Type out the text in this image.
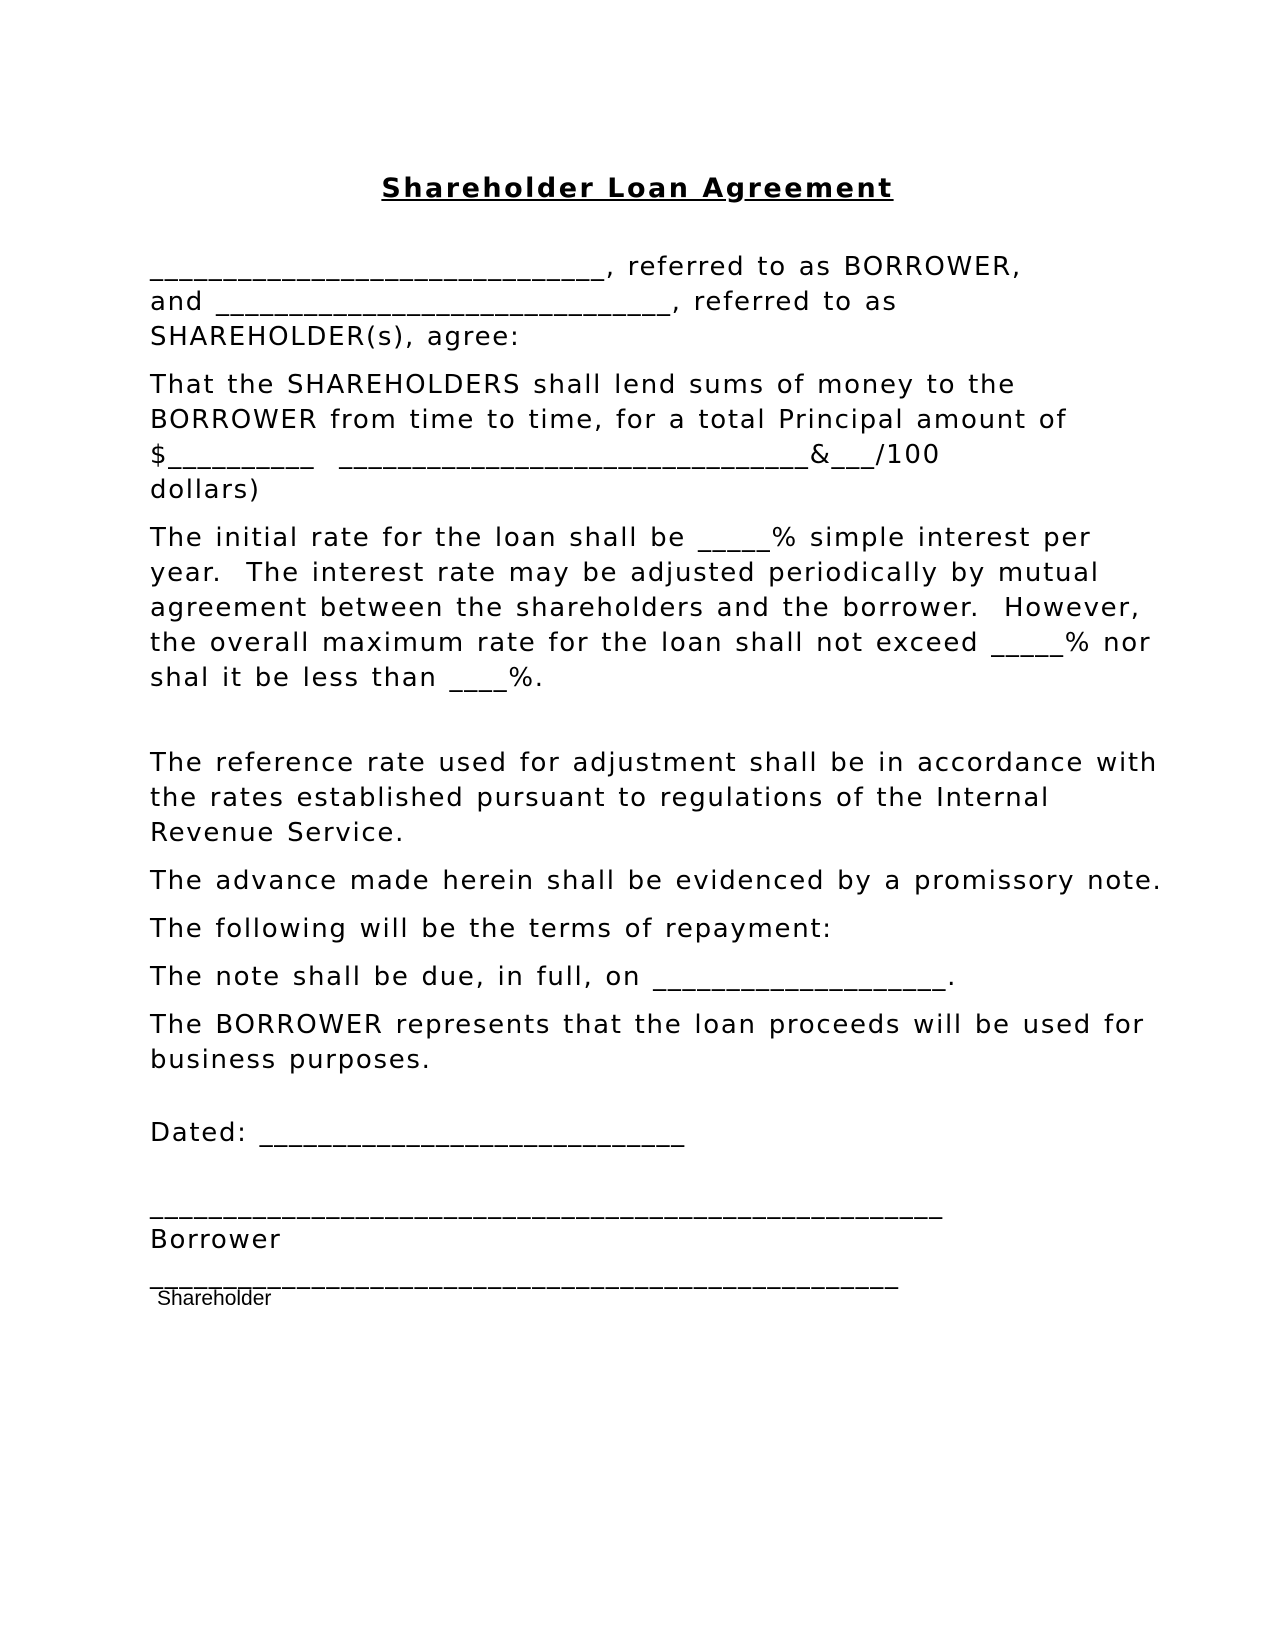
Shareholder Loan Agreement

_______________________________, referred to as BORROWER,
and _______________________________, referred to as
SHAREHOLDER(s), agree:

That the SHAREHOLDERS shall lend sums of money to the
BORROWER from time to time, for a total Principal amount of
$__________  ________________________________&___/100
dollars)

The initial rate for the loan shall be _____% simple interest per
year.  The interest rate may be adjusted periodically by mutual
agreement between the shareholders and the borrower.  However,
the overall maximum rate for the loan shall not exceed _____% nor
shal it be less than ____%.

The reference rate used for adjustment shall be in accordance with
the rates established pursuant to regulations of the Internal
Revenue Service.

The advance made herein shall be evidenced by a promissory note.

The following will be the terms of repayment:

The note shall be due, in full, on ____________________.

The BORROWER represents that the loan proceeds will be used for
business purposes.

Dated: _____________________________

______________________________________________________
Borrower
___________________________________________________
Shareholder
